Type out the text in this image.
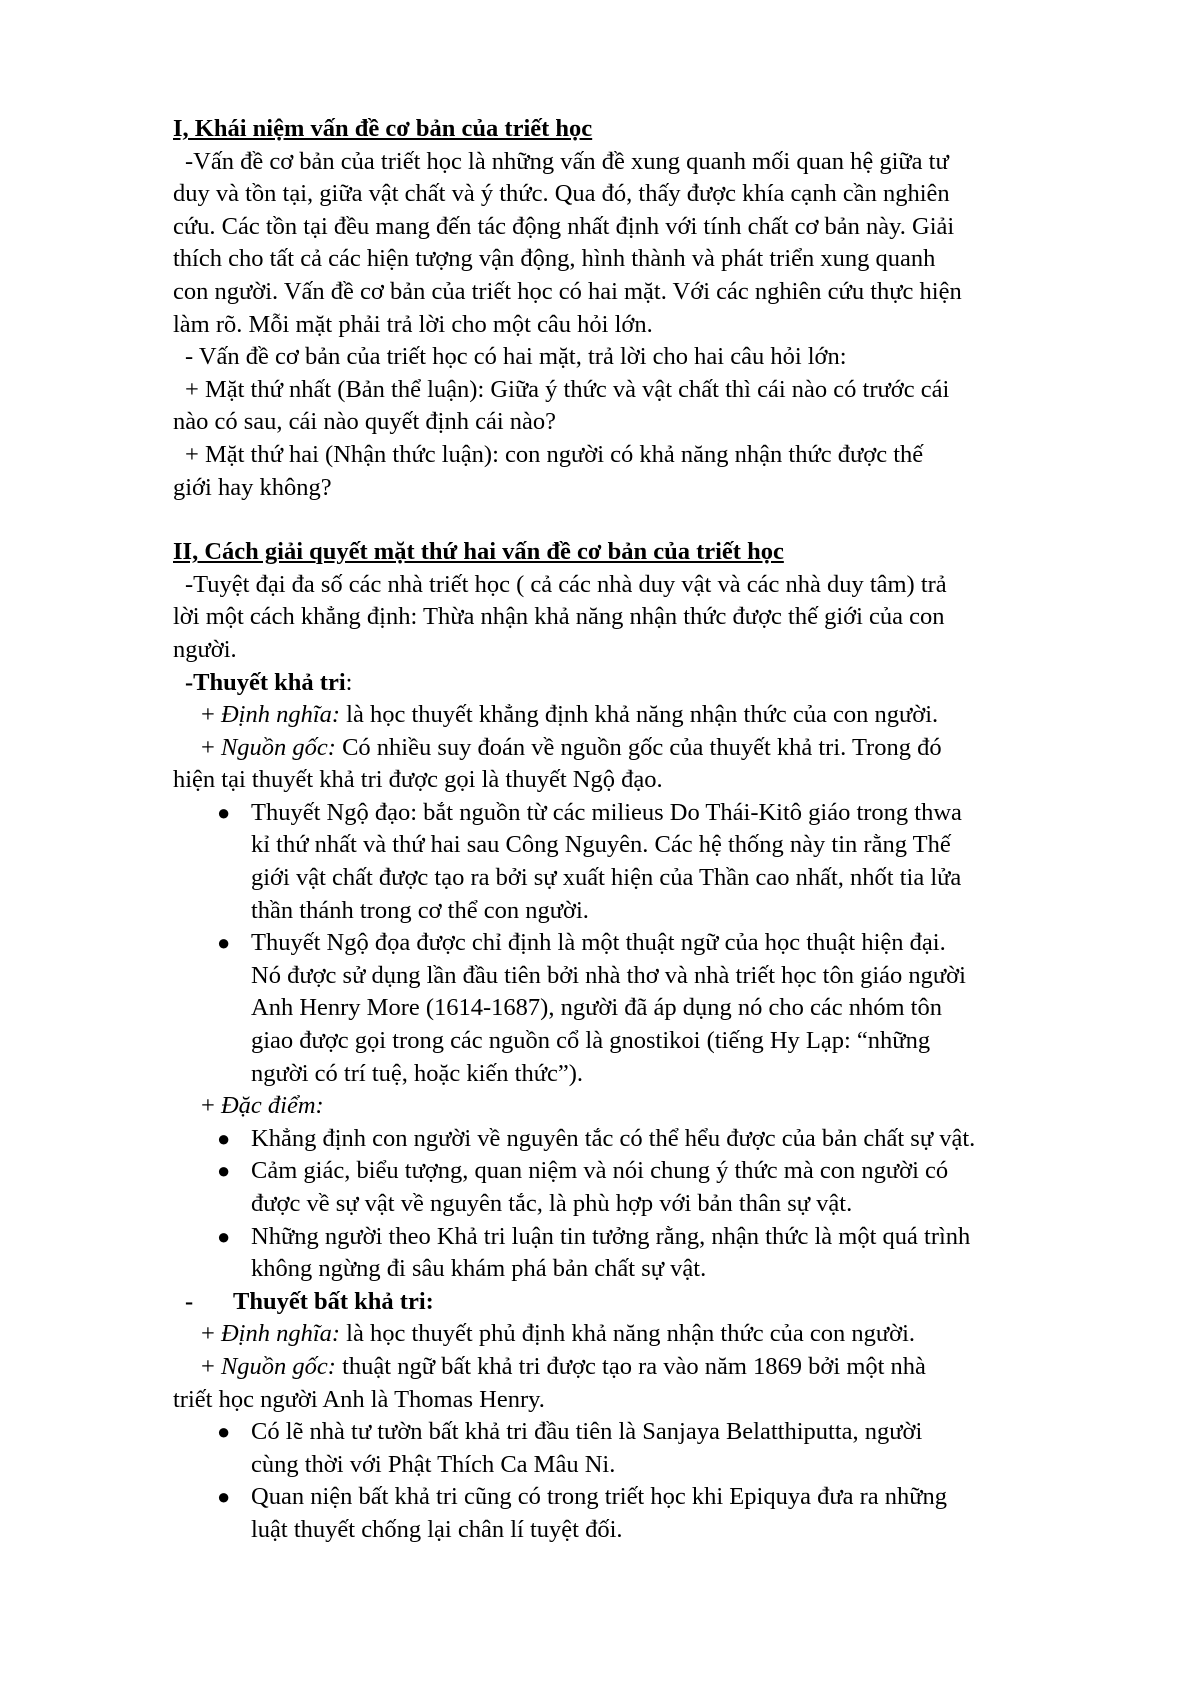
I, Khái niệm vấn đề cơ bản của triết học
-Vấn đề cơ bản của triết học là những vấn đề xung quanh mối quan hệ giữa tư
duy và tồn tại, giữa vật chất và ý thức. Qua đó, thấy được khía cạnh cần nghiên
cứu. Các tồn tại đều mang đến tác động nhất định với tính chất cơ bản này. Giải
thích cho tất cả các hiện tượng vận động, hình thành và phát triển xung quanh
con người. Vấn đề cơ bản của triết học có hai mặt. Với các nghiên cứu thực hiện
làm rõ. Mỗi mặt phải trả lời cho một câu hỏi lớn.
- Vấn đề cơ bản của triết học có hai mặt, trả lời cho hai câu hỏi lớn:
+ Mặt thứ nhất (Bản thể luận): Giữa ý thức và vật chất thì cái nào có trước cái
nào có sau, cái nào quyết định cái nào?
+ Mặt thứ hai (Nhận thức luận): con người có khả năng nhận thức được thế
giới hay không?
II, Cách giải quyết mặt thứ hai vấn đề cơ bản của triết học
-Tuyệt đại đa số các nhà triết học ( cả các nhà duy vật và các nhà duy tâm) trả
lời một cách khẳng định: Thừa nhận khả năng nhận thức được thế giới của con
người.
-Thuyết khả tri:
+ Định nghĩa: là học thuyết khẳng định khả năng nhận thức của con người.
+ Nguồn gốc: Có nhiều suy đoán về nguồn gốc của thuyết khả tri. Trong đó
hiện tại thuyết khả tri được gọi là thuyết Ngộ đạo.
● Thuyết Ngộ đạo: bắt nguồn từ các milieus Do Thái-Kitô giáo trong thwa
kỉ thứ nhất và thứ hai sau Công Nguyên. Các hệ thống này tin rằng Thế
giới vật chất được tạo ra bởi sự xuất hiện của Thần cao nhất, nhốt tia lửa
thần thánh trong cơ thể con người.
● Thuyết Ngộ đọa được chỉ định là một thuật ngữ của học thuật hiện đại.
Nó được sử dụng lần đầu tiên bởi nhà thơ và nhà triết học tôn giáo người
Anh Henry More (1614-1687), người đã áp dụng nó cho các nhóm tôn
giao được gọi trong các nguồn cổ là gnostikoi (tiếng Hy Lạp: “những
người có trí tuệ, hoặc kiến thức”).
+ Đặc điểm:
● Khẳng định con người về nguyên tắc có thể hểu được của bản chất sự vật.
● Cảm giác, biểu tượng, quan niệm và nói chung ý thức mà con người có
được về sự vật về nguyên tắc, là phù hợp với bản thân sự vật.
● Những người theo Khả tri luận tin tưởng rằng, nhận thức là một quá trình
không ngừng đi sâu khám phá bản chất sự vật.
- Thuyết bất khả tri:
+ Định nghĩa: là học thuyết phủ định khả năng nhận thức của con người.
+ Nguồn gốc: thuật ngữ bất khả tri được tạo ra vào năm 1869 bởi một nhà
triết học người Anh là Thomas Henry.
● Có lẽ nhà tư tườn bất khả tri đầu tiên là Sanjaya Belatthiputta, người
cùng thời với Phật Thích Ca Mâu Ni.
● Quan niện bất khả tri cũng có trong triết học khi Epiquya đưa ra những
luật thuyết chống lại chân lí tuyệt đối.
